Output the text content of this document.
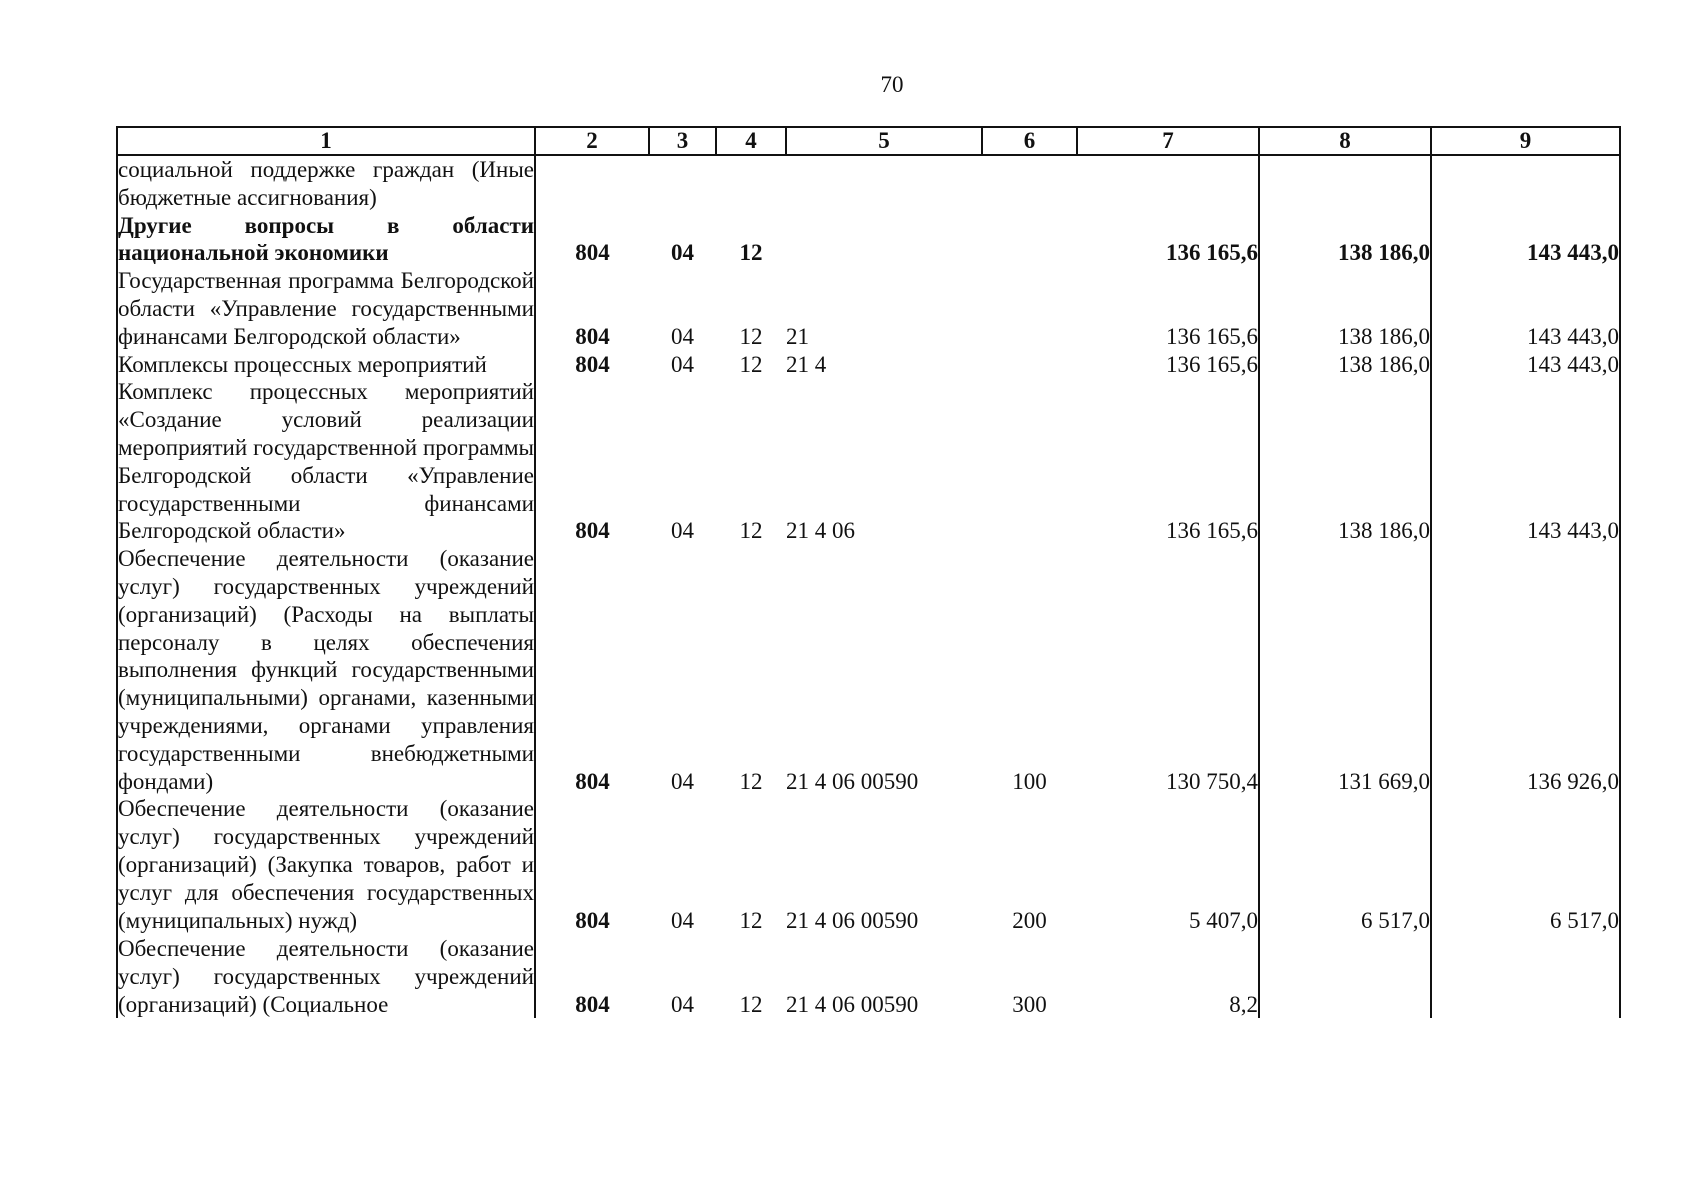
70
1	2	3	4	5	6	7	8	9
социальной поддержке граждан (Иные бюджетные ассигнования)								
Другие вопросы в области национальной экономики	804	04	12			136 165,6	138 186,0	143 443,0
Государственная программа Белгородской области «Управление государственными финансами Белгородской области»	804	04	12	21		136 165,6	138 186,0	143 443,0
Комплексы процессных мероприятий	804	04	12	21 4		136 165,6	138 186,0	143 443,0
Комплекс процессных мероприятий «Создание условий реализации мероприятий государственной программы Белгородской области «Управление государственными финансами Белгородской области»	804	04	12	21 4 06		136 165,6	138 186,0	143 443,0
Обеспечение деятельности (оказание услуг) государственных учреждений (организаций) (Расходы на выплаты персоналу в целях обеспечения выполнения функций государственными (муниципальными) органами, казенными учреждениями, органами управления государственными внебюджетными фондами)	804	04	12	21 4 06 00590	100	130 750,4	131 669,0	136 926,0
Обеспечение деятельности (оказание услуг) государственных учреждений (организаций) (Закупка товаров, работ и услуг для обеспечения государственных (муниципальных) нужд)	804	04	12	21 4 06 00590	200	5 407,0	6 517,0	6 517,0
Обеспечение деятельности (оказание услуг) государственных учреждений (организаций) (Социальное	804	04	12	21 4 06 00590	300	8,2		
